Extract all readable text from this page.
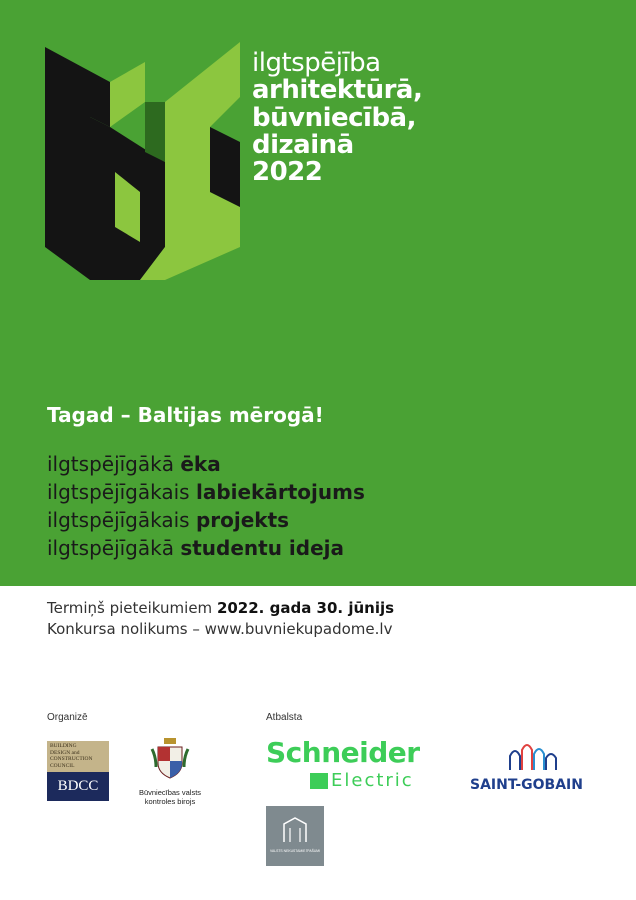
ilgtspējība
arhitektūrā,
būvniecībā,
dizainā
2022
Tagad – Baltijas mērogā!
ilgtspējīgākā ēka
ilgtspējīgākais labiekārtojums
ilgtspējīgākais projekts
ilgtspējīgākā studentu ideja
Termiņš pieteikumiem 2022. gada 30. jūnijs
Konkursa nolikums – www.buvniekupadome.lv
Organizē	Atbalsta
BUILDING
DESIGN and
CONSTRUCTION
COUNCIL
BDCC	Būvniecības valsts kontroles birojs
Schneider
Electric	SAINT-GOBAIN
VALSTS NEKUSTAMIE ĪPAŠUMI
